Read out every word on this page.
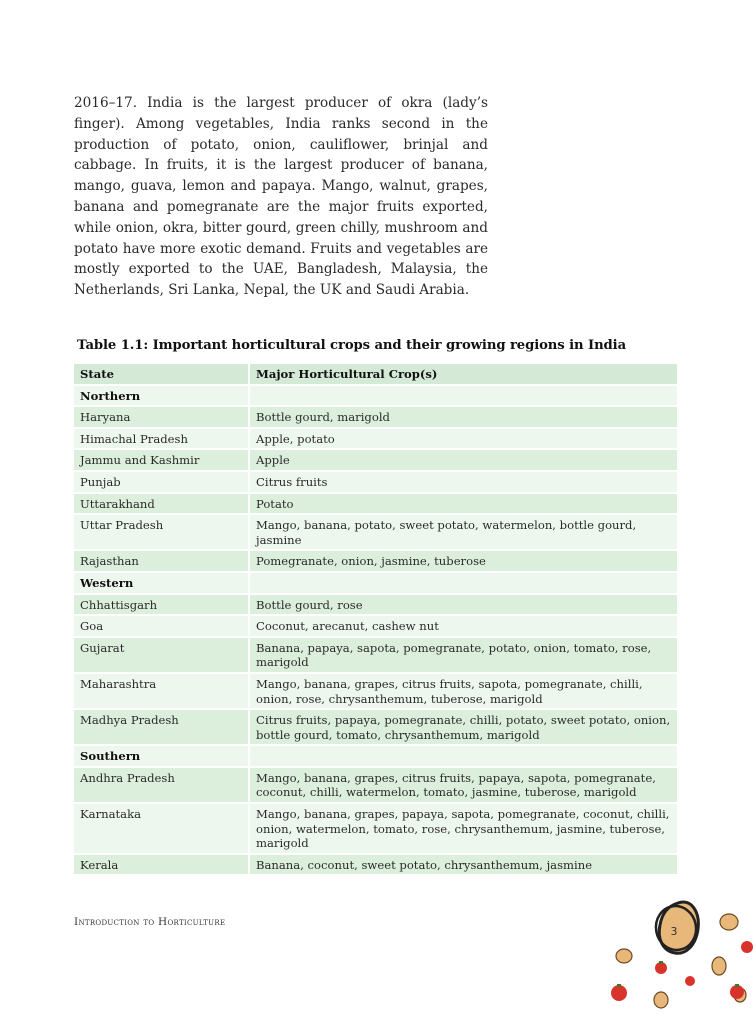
2016–17. India is the largest producer of okra (lady’s finger). Among vegetables, India ranks second in the production of potato, onion, cauliflower, brinjal and cabbage. In fruits, it is the largest producer of banana, mango, guava, lemon and papaya. Mango, walnut, grapes, banana and pomegranate are the major fruits exported, while onion, okra, bitter gourd, green chilly, mushroom and potato have more exotic demand. Fruits and vegetables are mostly exported to the UAE, Bangladesh, Malaysia, the Netherlands, Sri Lanka, Nepal, the UK and Saudi Arabia.

Table 1.1: Important horticultural crops and their growing regions in India

State	Major Horticultural Crop(s)
Northern	
Haryana	Bottle gourd, marigold
Himachal Pradesh	Apple, potato
Jammu and Kashmir	Apple
Punjab	Citrus fruits
Uttarakhand	Potato
Uttar Pradesh	Mango, banana, potato, sweet potato, watermelon, bottle gourd, jasmine
Rajasthan	Pomegranate, onion, jasmine, tuberose
Western	
Chhattisgarh	Bottle gourd, rose
Goa	Coconut, arecanut, cashew nut
Gujarat	Banana, papaya, sapota, pomegranate, potato, onion, tomato, rose, marigold
Maharashtra	Mango, banana, grapes, citrus fruits, sapota, pomegranate, chilli, onion, rose, chrysanthemum, tuberose, marigold
Madhya Pradesh	Citrus fruits, papaya, pomegranate, chilli, potato, sweet potato, onion, bottle gourd, tomato, chrysanthemum, marigold
Southern	
Andhra Pradesh	Mango, banana, grapes, citrus fruits, papaya, sapota, pomegranate, coconut, chilli, watermelon, tomato, jasmine, tuberose, marigold
Karnataka	Mango, banana, grapes, papaya, sapota, pomegranate, coconut, chilli, onion, watermelon, tomato, rose, chrysanthemum, jasmine, tuberose, marigold
Kerala	Banana, coconut, sweet potato, chrysanthemum, jasmine

Introduction to Horticulture

3
